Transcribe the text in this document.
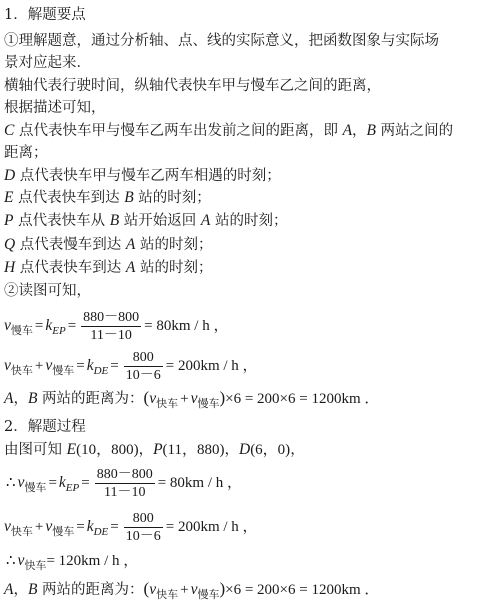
1．解题要点
①理解题意，通过分析轴、点、线的实际意义，把函数图象与实际场
景对应起来．
横轴代表行驶时间，纵轴代表快车甲与慢车乙之间的距离，
根据描述可知，
C 点代表快车甲与慢车乙两车出发前之间的距离，即 A，B 两站之间的
距离；
D 点代表快车甲与慢车乙两车相遇的时刻；
E 点代表快车到达 B 站的时刻；
P 点代表快车从 B 站开始返回 A 站的时刻；
Q 点代表慢车到达 A 站的时刻；
H 点代表快车到达 A 站的时刻；
②读图可知，
$v_{慢车} = k_{EP} = \frac{880-800}{11-10} = 80km / h$ ，
$v_{快车} + v_{慢车} = k_{DE} = \frac{800}{10-6} = 200km / h$ ，
A，B 两站的距离为：$(v_{快车} + v_{慢车})\times 6 = 200\times 6 = 1200km$ ．
2．解题过程
由图可知 E(10，800)，P(11，880)，D(6，0)，
∴ $v_{慢车} = k_{EP} = \frac{880-800}{11-10} = 80km / h$ ，
$v_{快车} + v_{慢车} = k_{DE} = \frac{800}{10-6} = 200km / h$ ，
∴ $v_{快车}= 120km / h$ ，
A，B 两站的距离为：$(v_{快车} + v_{慢车})\times 6 = 200\times 6 = 1200km$ ．
